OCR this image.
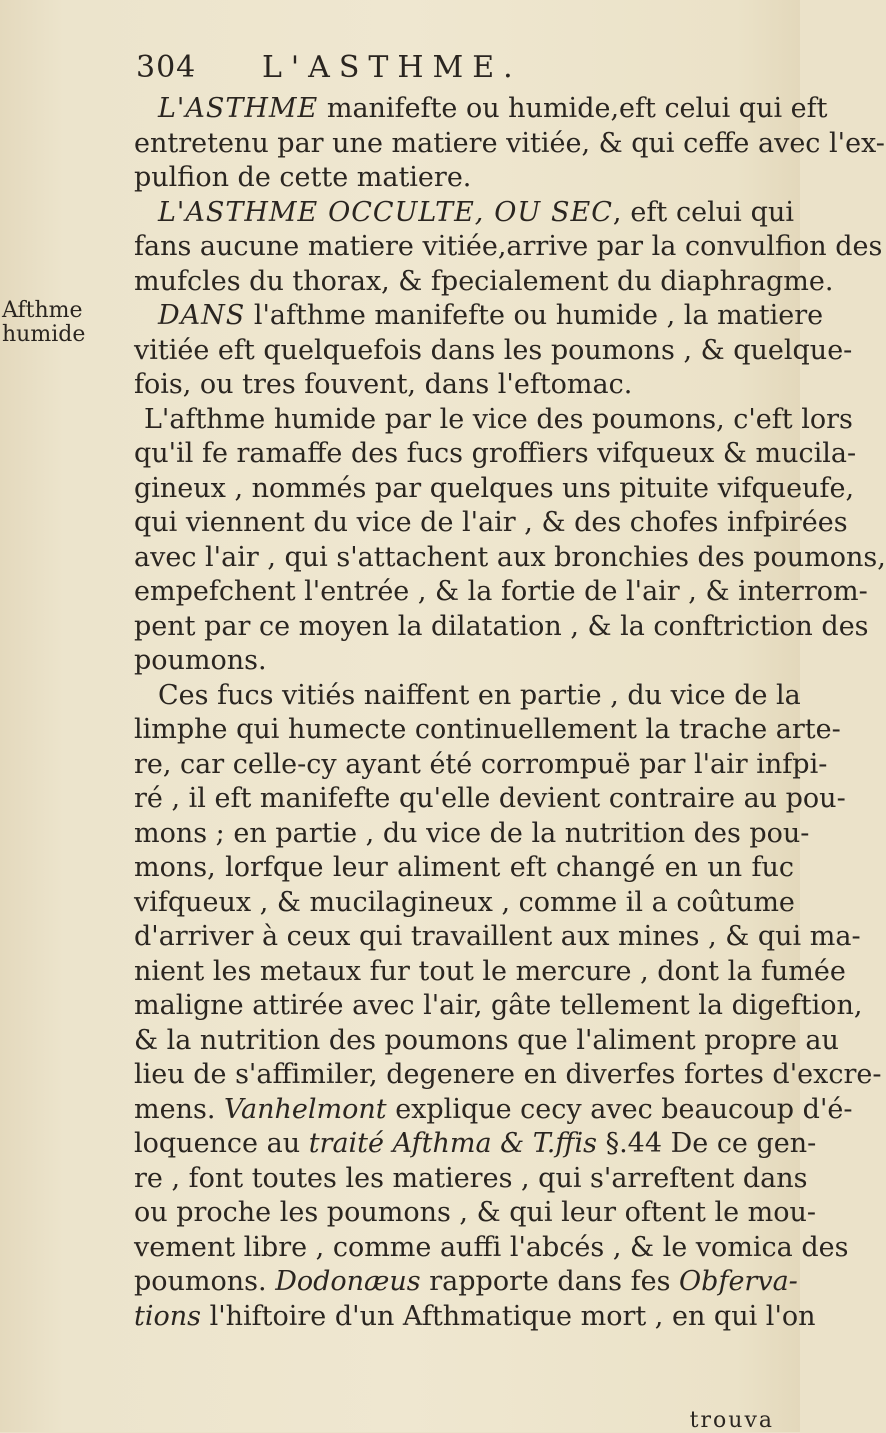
304 L'ASTHME.
Afthme
humide
L'ASTHME manifefte ou humide,eft celui qui eft
entretenu par une matiere vitiée, & qui ceffe avec l'ex-
pulfion de cette matiere.
L'ASTHME OCCULTE, OU SEC, eft celui qui
fans aucune matiere vitiée,arrive par la convulfion des
mufcles du thorax, & fpecialement du diaphragme.
DANS l'afthme manifefte ou humide , la matiere
vitiée eft quelquefois dans les poumons , & quelque-
fois, ou tres fouvent, dans l'eftomac.
L'afthme humide par le vice des poumons, c'eft lors
qu'il fe ramaffe des fucs groffiers vifqueux & mucila-
gineux , nommés par quelques uns pituite vifqueufe,
qui viennent du vice de l'air , & des chofes infpirées
avec l'air , qui s'attachent aux bronchies des poumons,
empefchent l'entrée , & la fortie de l'air , & interrom-
pent par ce moyen la dilatation , & la conftriction des
poumons.
Ces fucs vitiés naiffent en partie , du vice de la
limphe qui humecte continuellement la trache arte-
re, car celle-cy ayant été corrompuë par l'air infpi-
ré , il eft manifefte qu'elle devient contraire au pou-
mons ; en partie , du vice de la nutrition des pou-
mons, lorfque leur aliment eft changé en un fuc
vifqueux , & mucilagineux , comme il a coûtume
d'arriver à ceux qui travaillent aux mines , & qui ma-
nient les metaux fur tout le mercure , dont la fumée
maligne attirée avec l'air, gâte tellement la digeftion,
& la nutrition des poumons que l'aliment propre au
lieu de s'affimiler, degenere en diverfes fortes d'excre-
mens. Vanhelmont explique cecy avec beaucoup d'é-
loquence au traité Afthma & T.ffis §.44 De ce gen-
re , font toutes les matieres , qui s'arreftent dans
ou proche les poumons , & qui leur oftent le mou-
vement libre , comme auffi l'abcés , & le vomica des
poumons. Dodonæus rapporte dans fes Obferva-
tions l'hiftoire d'un Afthmatique mort , en qui l'on
trouva
